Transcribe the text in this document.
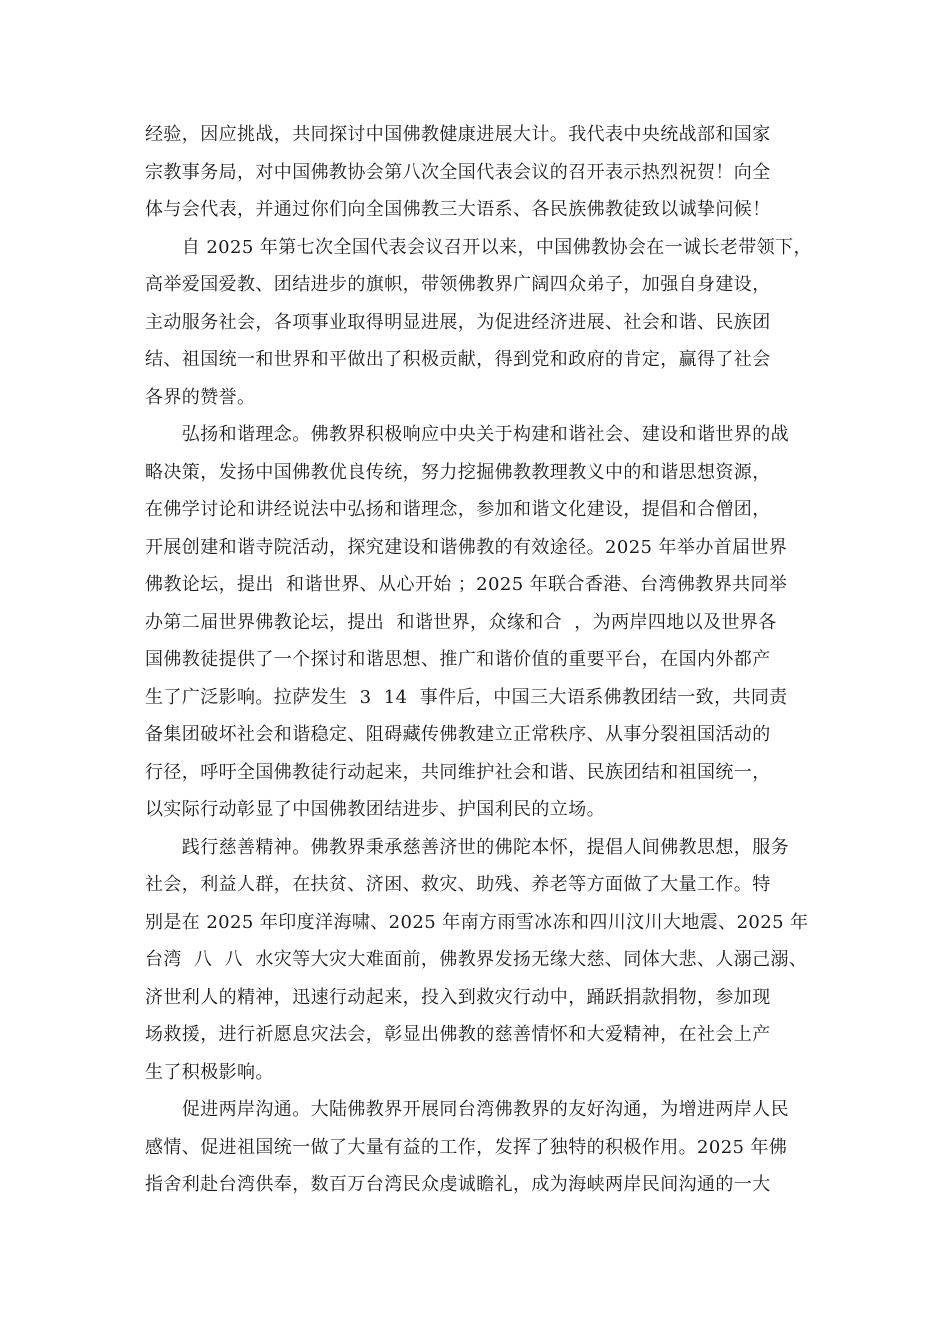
经验，因应挑战，共同探讨中国佛教健康进展大计。我代表中央统战部和国家
宗教事务局，对中国佛教协会第八次全国代表会议的召开表示热烈祝贺！向全
体与会代表，并通过你们向全国佛教三大语系、各民族佛教徒致以诚挚问候！
　　自 2025 年第七次全国代表会议召开以来，中国佛教协会在一诚长老带领下，
高举爱国爱教、团结进步的旗帜，带领佛教界广阔四众弟子，加强自身建设，
主动服务社会，各项事业取得明显进展，为促进经济进展、社会和谐、民族团
结、祖国统一和世界和平做出了积极贡献，得到党和政府的肯定，赢得了社会
各界的赞誉。
　　弘扬和谐理念。佛教界积极响应中央关于构建和谐社会、建设和谐世界的战
略决策，发扬中国佛教优良传统，努力挖掘佛教教理教义中的和谐思想资源，
在佛学讨论和讲经说法中弘扬和谐理念，参加和谐文化建设，提倡和合僧团，
开展创建和谐寺院活动，探究建设和谐佛教的有效途径。2025 年举办首届世界
佛教论坛，提出  和谐世界、从心开始 ；2025 年联合香港、台湾佛教界共同举
办第二届世界佛教论坛，提出  和谐世界，众缘和合  ，为两岸四地以及世界各
国佛教徒提供了一个探讨和谐思想、推广和谐价值的重要平台，在国内外都产
生了广泛影响。拉萨发生  3  14  事件后，中国三大语系佛教团结一致，共同责
备集团破坏社会和谐稳定、阻碍藏传佛教建立正常秩序、从事分裂祖国活动的
行径，呼吁全国佛教徒行动起来，共同维护社会和谐、民族团结和祖国统一，
以实际行动彰显了中国佛教团结进步、护国利民的立场。
　　践行慈善精神。佛教界秉承慈善济世的佛陀本怀，提倡人间佛教思想，服务
社会，利益人群，在扶贫、济困、救灾、助残、养老等方面做了大量工作。特
别是在 2025 年印度洋海啸、2025 年南方雨雪冰冻和四川汶川大地震、2025 年
台湾  八  八  水灾等大灾大难面前，佛教界发扬无缘大慈、同体大悲、人溺己溺、
济世利人的精神，迅速行动起来，投入到救灾行动中，踊跃捐款捐物，参加现
场救援，进行祈愿息灾法会，彰显出佛教的慈善情怀和大爱精神，在社会上产
生了积极影响。
　　促进两岸沟通。大陆佛教界开展同台湾佛教界的友好沟通，为增进两岸人民
感情、促进祖国统一做了大量有益的工作，发挥了独特的积极作用。2025 年佛
指舍利赴台湾供奉，数百万台湾民众虔诚瞻礼，成为海峡两岸民间沟通的一大
